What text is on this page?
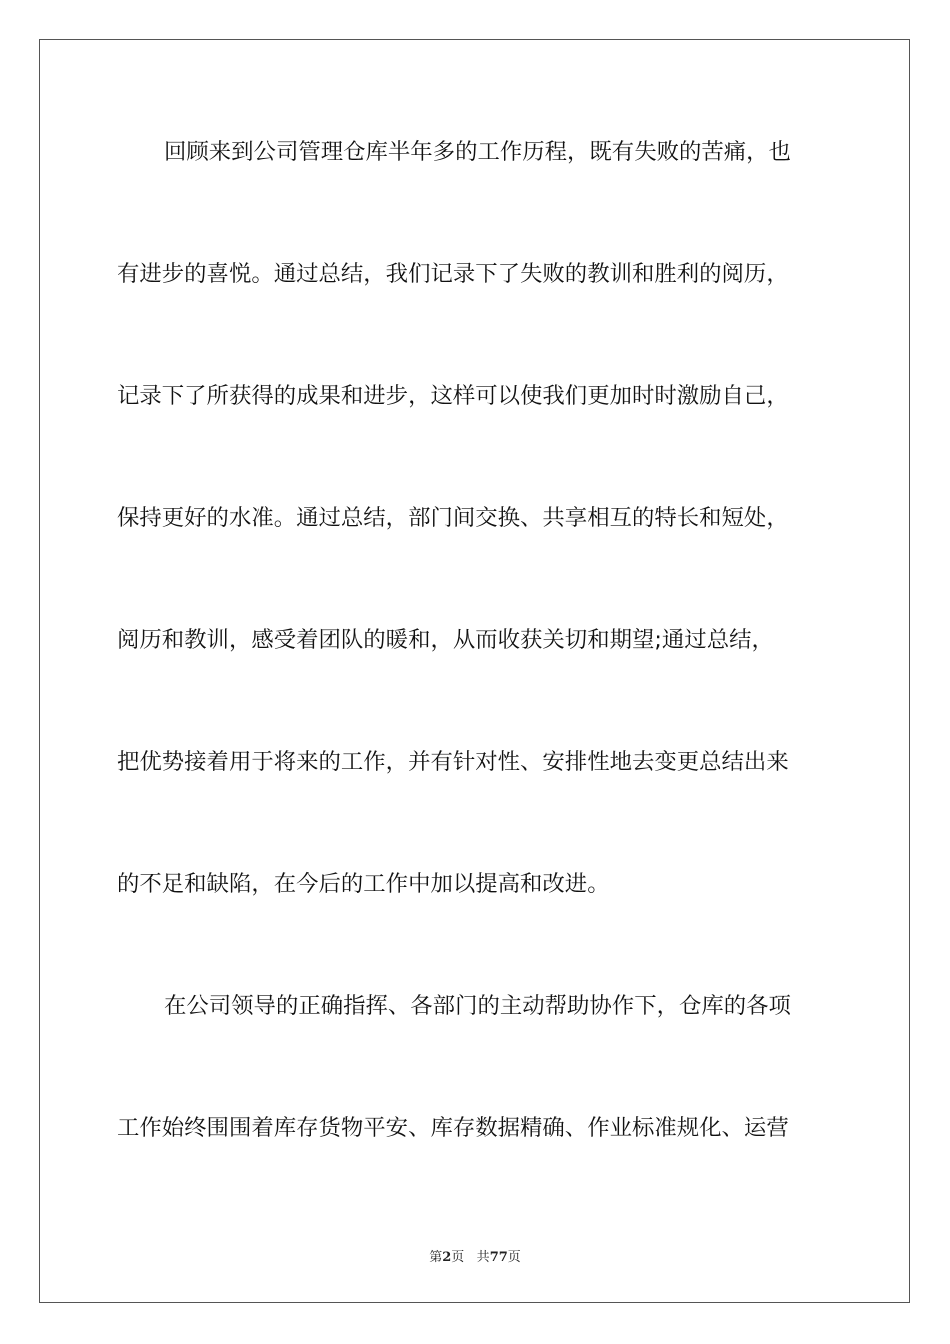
回顾来到公司管理仓库半年多的工作历程，既有失败的苦痛，也
有进步的喜悦。通过总结，我们记录下了失败的教训和胜利的阅历，
记录下了所获得的成果和进步，这样可以使我们更加时时激励自己，
保持更好的水准。通过总结，部门间交换、共享相互的特长和短处，
阅历和教训，感受着团队的暖和，从而收获关切和期望;通过总结，
把优势接着用于将来的工作，并有针对性、安排性地去变更总结出来
的不足和缺陷，在今后的工作中加以提高和改进。
在公司领导的正确指挥、各部门的主动帮助协作下，仓库的各项
工作始终围围着库存货物平安、库存数据精确、作业标准规化、运营
第2页 共77页
